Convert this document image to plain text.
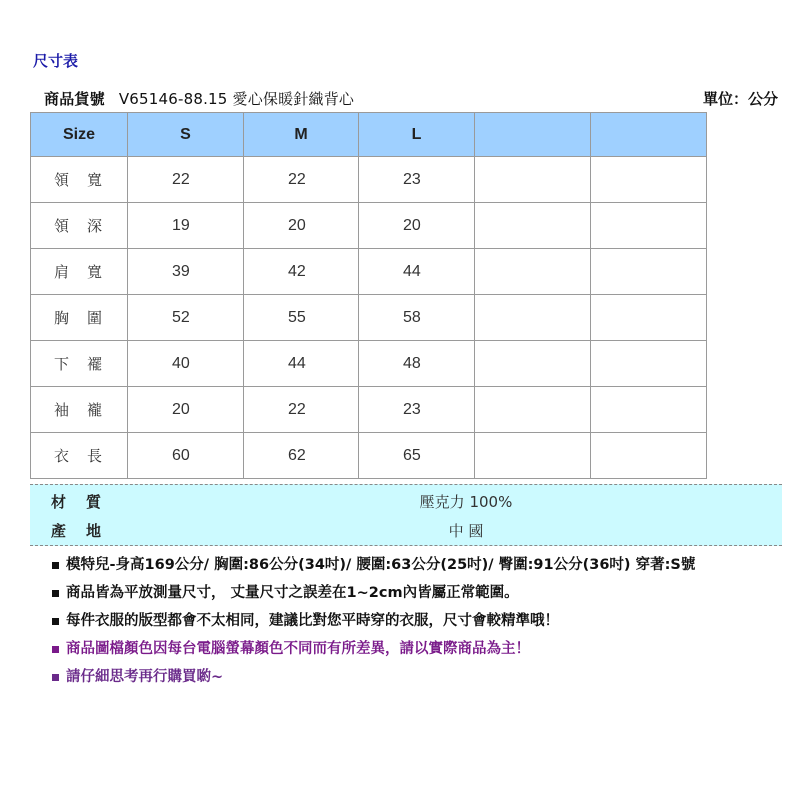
尺寸表
商品貨號 V65146-88.15 愛心保暖針織背心	單位：公分
Size	S	M	L		
領寬	22	22	23		
領深	19	20	20		
肩寬	39	42	44		
胸圍	52	55	58		
下襬	40	44	48		
袖襱	20	22	23		
衣長	60	62	65		
材質	壓克力 100%
產地	中 國
模特兒-身高169公分/ 胸圍:86公分(34吋)/ 腰圍:63公分(25吋)/ 臀圍:91公分(36吋) 穿著:S號
商品皆為平放測量尺寸， 丈量尺寸之誤差在1~2cm內皆屬正常範圍。
每件衣服的版型都會不太相同，建議比對您平時穿的衣服，尺寸會較精準哦！
商品圖檔顏色因每台電腦螢幕顏色不同而有所差異，請以實際商品為主！
請仔細思考再行購買喲~
